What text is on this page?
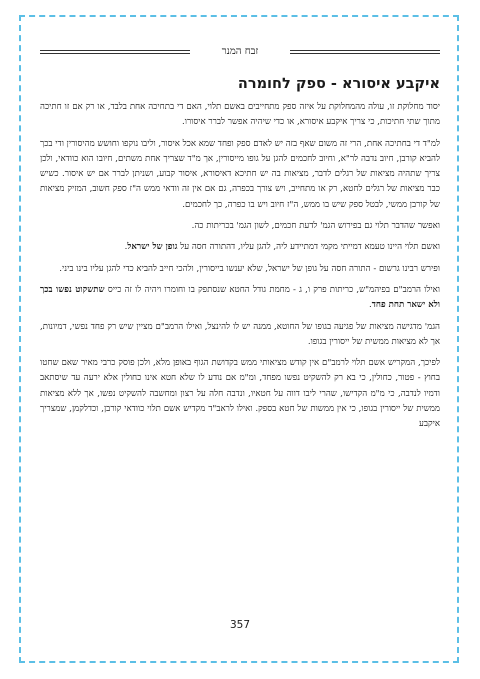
זבח המנר
איקבע איסורא - ספק לחומרה

יסוד מחלוקת זו, עולה מהמחלוקת על איזה ספק מתחייבים באשם תלוי, האם די בתחיכה אחת בלבד, או רק אם זו חתיכה מתוך שתי חתיכות, כי צריך איקבע איסורא, או כדי שיהיה אפשר לברר איסורו.

למ"ד די בחתיכה אחת, הרי זה משום שאף בזה יש לאדם ספק ופחד שמא אכל איסור, וליבו נוקפו וחושש מהיסורין ודי בכך להביא קורבן, חיוב נדבה לר"א, וחיוב לחכמים להגן על גופו מייסורין, אך מ"ד שצריך אחת משתים, חיובו הוא כוודאי, ולכן צריך שתהיה מציאות של רגלים לדבר, מציאות בה יש חתיכא דאיסורא, איסור קבוע, ושניתן לברר אם יש איסור. כשיש כבר מציאות של רגלים לחטא, רק או מתחייב, ויש צורך בכפרה, גם אם אין זה וודאי ממש ה"ז ספק חשוב, המזיק מציאות של קורבן ממשי, לבטל ספק שיש בו ממש, ה"ז חיוב ויש בו כפרה, כך לחכמים.

ואפשר שהדבר תלוי גם בפירוש הגמ' לדעת חכמים, לשון הגמ' בכריתות כה.

ואשם תלוי היינו טעמא דמייתי מקמי דמתיידע ליה, להגן עליו, דהתורה חסה על גופן של ישראל.

ופירש רבינו גרשום - התורה חסה על גופן של ישראל, שלא יענשו בייסורין, ולהכי חייב להביא כדי להגן עליו בינו ביני.

ואילו הרמב"ם בפיהמ"ש, כריתות פרק ו, ג - מחמת גודל החטא שנסתפק בו וחומרו ויהיה לו זה כייס שתשקוט נפשו בכך ולא ישאר תחת פחד.

הגמ' מדגישה מציאות של פגיעה בגופו של החוטא, ממנה יש לו להינצל, ואילו הרמב"ם מציין שיש רק פחד נפשי, דמיונות, אך לא מציאות ממשית של ייסורין בגופו.

לפיכך, המקריש אשם תלוי לרמב"ם אין קודש מציאותי ממש בקדושת הגוף באופן מלא, ולכן פוסק כרבי מאיר שאם שחטו בחוץ - פטור, כחולין, כי בא רק להשקיט נפשו מפחד, ומ"מ אם נודע לו שלא חטא אינו כחולין אלא ירעה עד שיסתאב ודמיו לנדבה, כי מ"מ הקדישו, שהרי ליבו דווה על חטאיו, ונדבה חלה על רצון ומחשבה להשקיט נפשו, אך ללא מציאות ממשית של ייסורין בגופו, כי אין ממשות של חטא בספק. ואילו לראב"ד מקדיש אשם תלוי כוודאי קורבן, וכדלקמן, שמצריך איקבע

357
